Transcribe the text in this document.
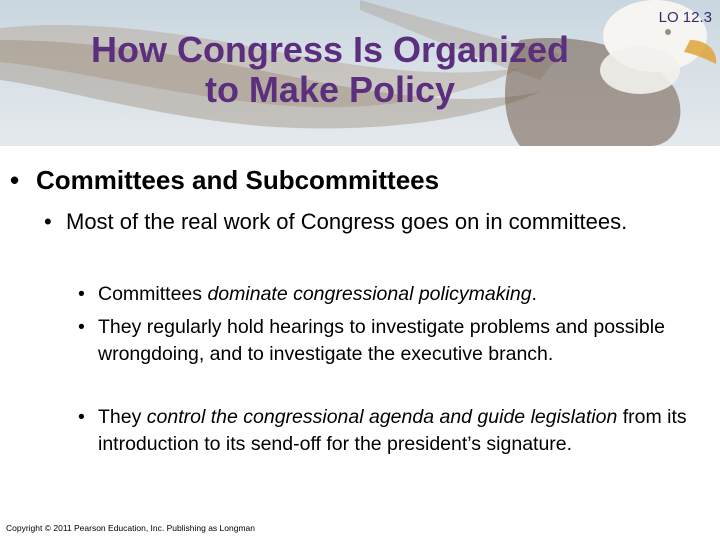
LO 12.3
How Congress Is Organized
to Make Policy
• Committees and Subcommittees
• Most of the real work of Congress goes on in committees.
• Committees dominate congressional policymaking.
• They regularly hold hearings to investigate problems and possible wrongdoing, and to investigate the executive branch.
• They control the congressional agenda and guide legislation from its introduction to its send-off for the president’s signature.
Copyright © 2011 Pearson Education, Inc. Publishing as Longman
